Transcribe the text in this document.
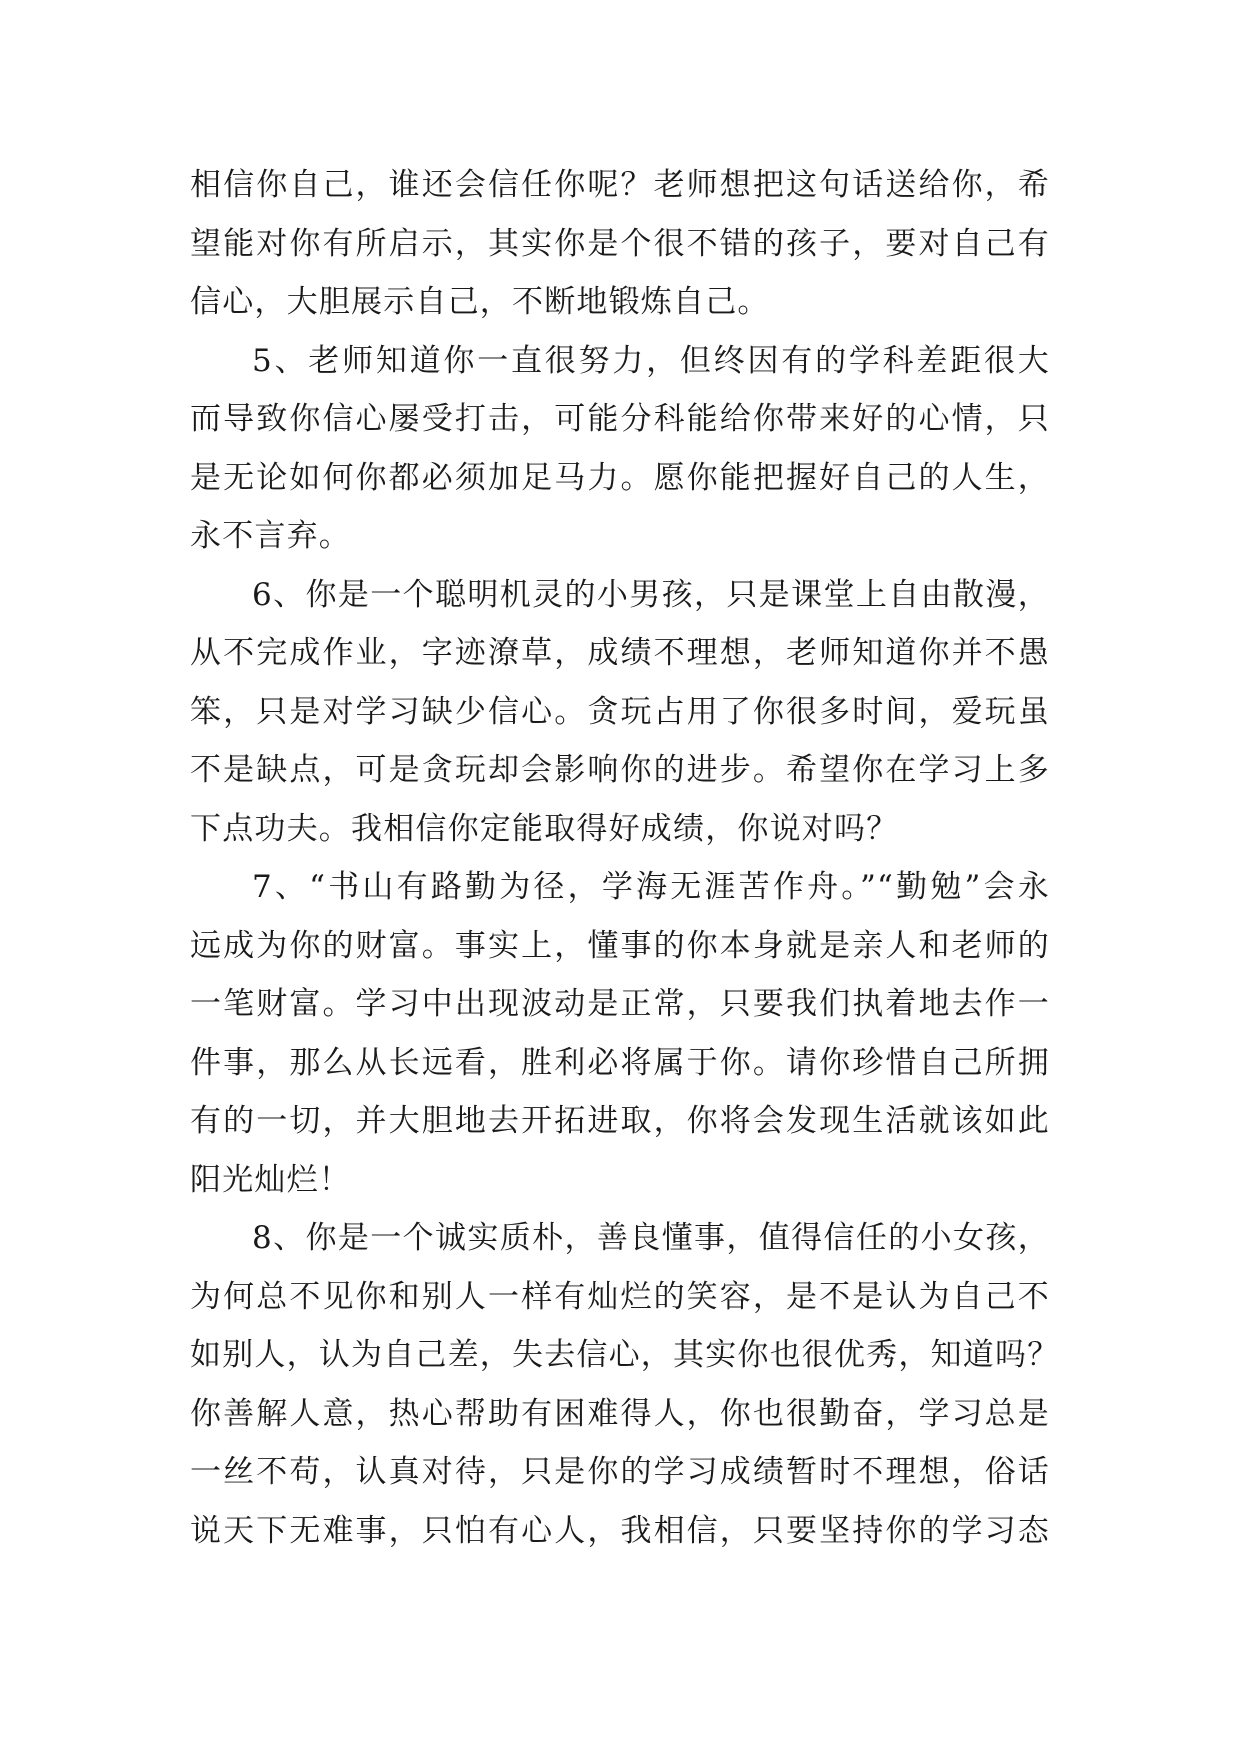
相信你自己，谁还会信任你呢？老师想把这句话送给你，希
望能对你有所启示，其实你是个很不错的孩子，要对自己有
信心，大胆展示自己，不断地锻炼自己。
5、老师知道你一直很努力，但终因有的学科差距很大
而导致你信心屡受打击，可能分科能给你带来好的心情，只
是无论如何你都必须加足马力。愿你能把握好自己的人生，
永不言弃。
6、你是一个聪明机灵的小男孩，只是课堂上自由散漫，
从不完成作业，字迹潦草，成绩不理想，老师知道你并不愚
笨，只是对学习缺少信心。贪玩占用了你很多时间，爱玩虽
不是缺点，可是贪玩却会影响你的进步。希望你在学习上多
下点功夫。我相信你定能取得好成绩，你说对吗？
7、“书山有路勤为径，学海无涯苦作舟。”“勤勉”会永
远成为你的财富。事实上，懂事的你本身就是亲人和老师的
一笔财富。学习中出现波动是正常，只要我们执着地去作一
件事，那么从长远看，胜利必将属于你。请你珍惜自己所拥
有的一切，并大胆地去开拓进取，你将会发现生活就该如此
阳光灿烂！
8、你是一个诚实质朴，善良懂事，值得信任的小女孩，
为何总不见你和别人一样有灿烂的笑容，是不是认为自己不
如别人，认为自己差，失去信心，其实你也很优秀，知道吗？
你善解人意，热心帮助有困难得人，你也很勤奋，学习总是
一丝不苟，认真对待，只是你的学习成绩暂时不理想，俗话
说天下无难事，只怕有心人，我相信，只要坚持你的学习态
